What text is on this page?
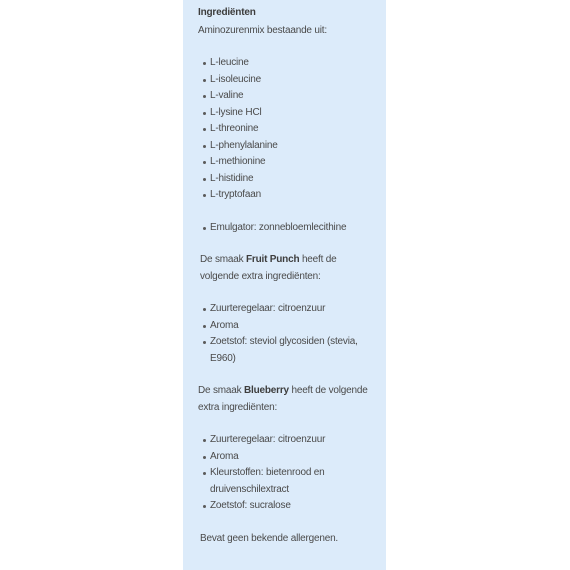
Ingrediënten

Aminozurenmix bestaande uit:

L-leucine
L-isoleucine
L-valine
L-lysine HCl
L-threonine
L-phenylalanine
L-methionine
L-histidine
L-tryptofaan
Emulgator: zonnebloemlecithine

De smaak Fruit Punch heeft de volgende extra ingrediënten:

Zuurteregelaar: citroenzuur
Aroma
Zoetstof: steviol glycosiden (stevia, E960)

De smaak Blueberry heeft de volgende extra ingrediënten:

Zuurteregelaar: citroenzuur
Aroma
Kleurstoffen: bietenrood en druivenschilextract
Zoetstof: sucralose

Bevat geen bekende allergenen.
